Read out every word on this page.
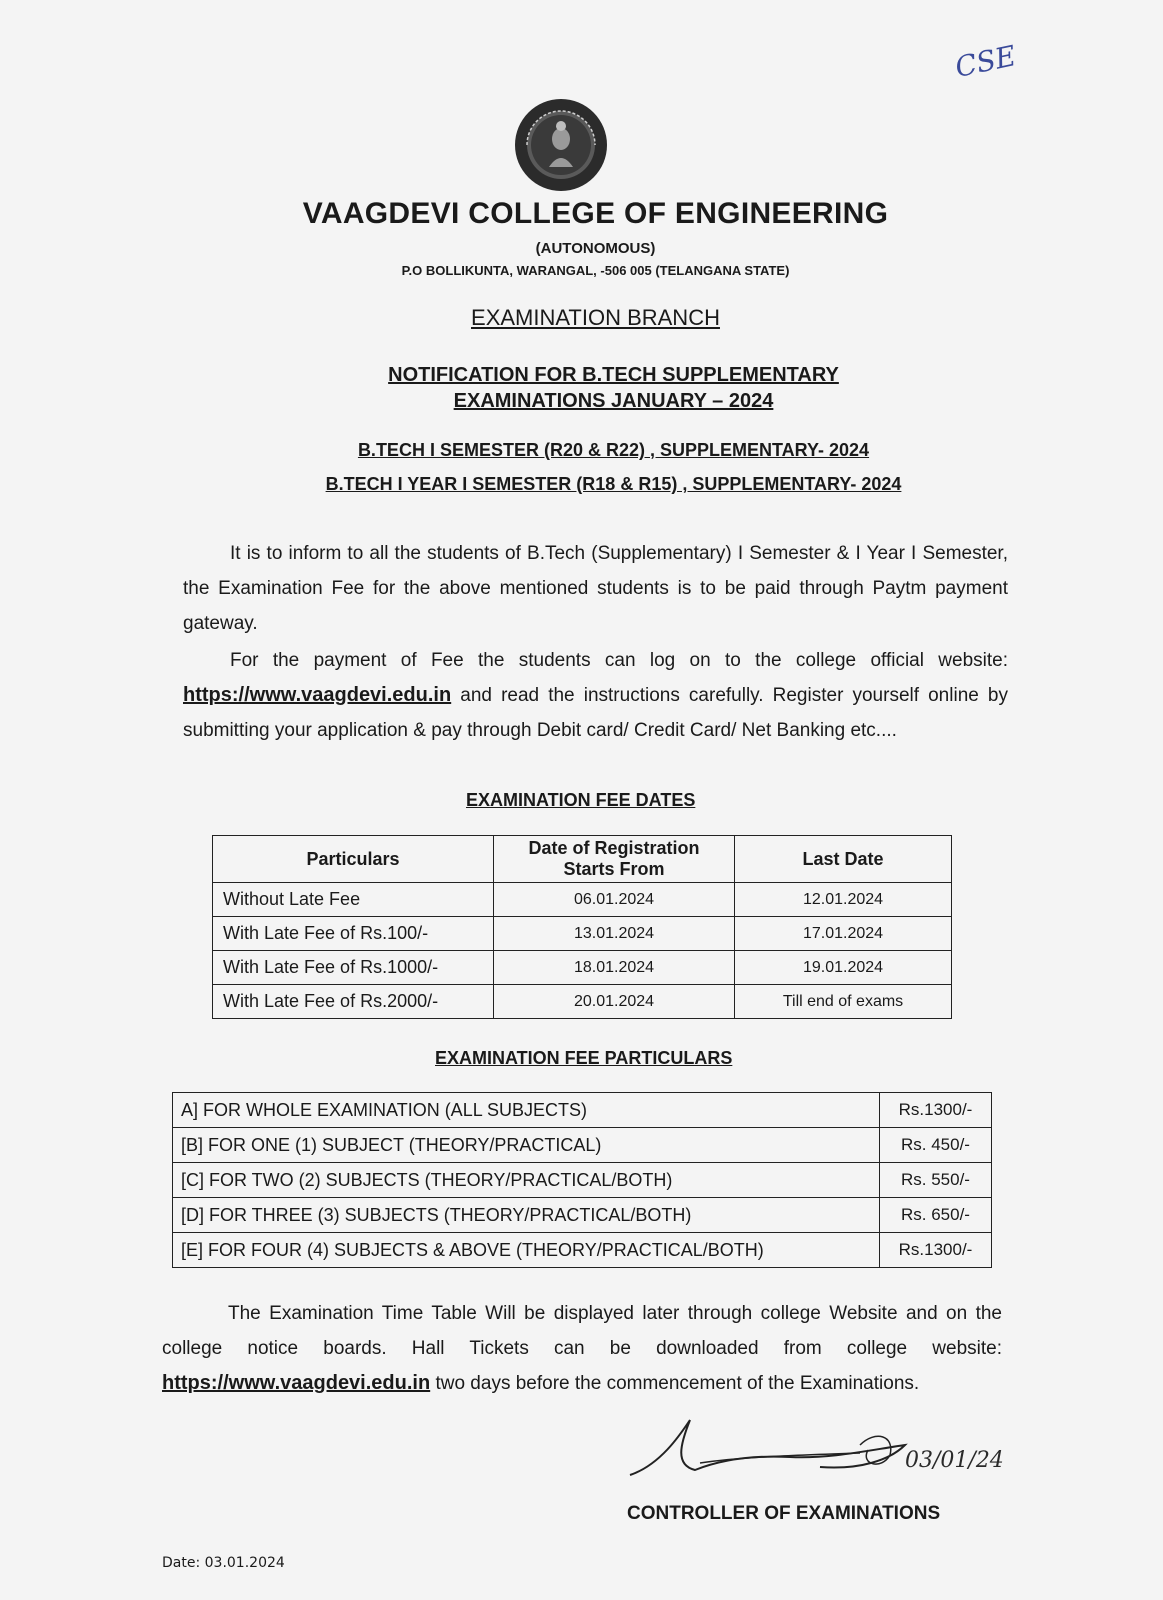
CSE
VAAGDEVI COLLEGE OF ENGINEERING
(AUTONOMOUS)
P.O BOLLIKUNTA, WARANGAL, -506 005 (TELANGANA STATE)
EXAMINATION BRANCH
NOTIFICATION FOR B.TECH SUPPLEMENTARY
EXAMINATIONS JANUARY – 2024
B.TECH I SEMESTER (R20 & R22) , SUPPLEMENTARY- 2024
B.TECH I YEAR I SEMESTER (R18 & R15) , SUPPLEMENTARY- 2024
It is to inform to all the students of B.Tech (Supplementary) I Semester & I Year I Semester, the Examination Fee for the above mentioned students is to be paid through Paytm payment gateway.
For the payment of Fee the students can log on to the college official website: https://www.vaagdevi.edu.in and read the instructions carefully. Register yourself online by submitting your application & pay through Debit card/ Credit Card/ Net Banking etc....
EXAMINATION FEE DATES
Particulars	Date of Registration Starts From	Last Date
Without Late Fee	06.01.2024	12.01.2024
With Late Fee of Rs.100/-	13.01.2024	17.01.2024
With Late Fee of Rs.1000/-	18.01.2024	19.01.2024
With Late Fee of Rs.2000/-	20.01.2024	Till end of exams
EXAMINATION FEE PARTICULARS
A] FOR WHOLE EXAMINATION (ALL SUBJECTS)	Rs.1300/-
[B] FOR ONE (1) SUBJECT (THEORY/PRACTICAL)	Rs. 450/-
[C] FOR TWO (2) SUBJECTS (THEORY/PRACTICAL/BOTH)	Rs. 550/-
[D] FOR THREE (3) SUBJECTS (THEORY/PRACTICAL/BOTH)	Rs. 650/-
[E] FOR FOUR (4) SUBJECTS & ABOVE (THEORY/PRACTICAL/BOTH)	Rs.1300/-
The Examination Time Table Will be displayed later through college Website and on the college notice boards. Hall Tickets can be downloaded from college website: https://www.vaagdevi.edu.in two days before the commencement of the Examinations.
03/01/24
CONTROLLER OF EXAMINATIONS
Date: 03.01.2024
